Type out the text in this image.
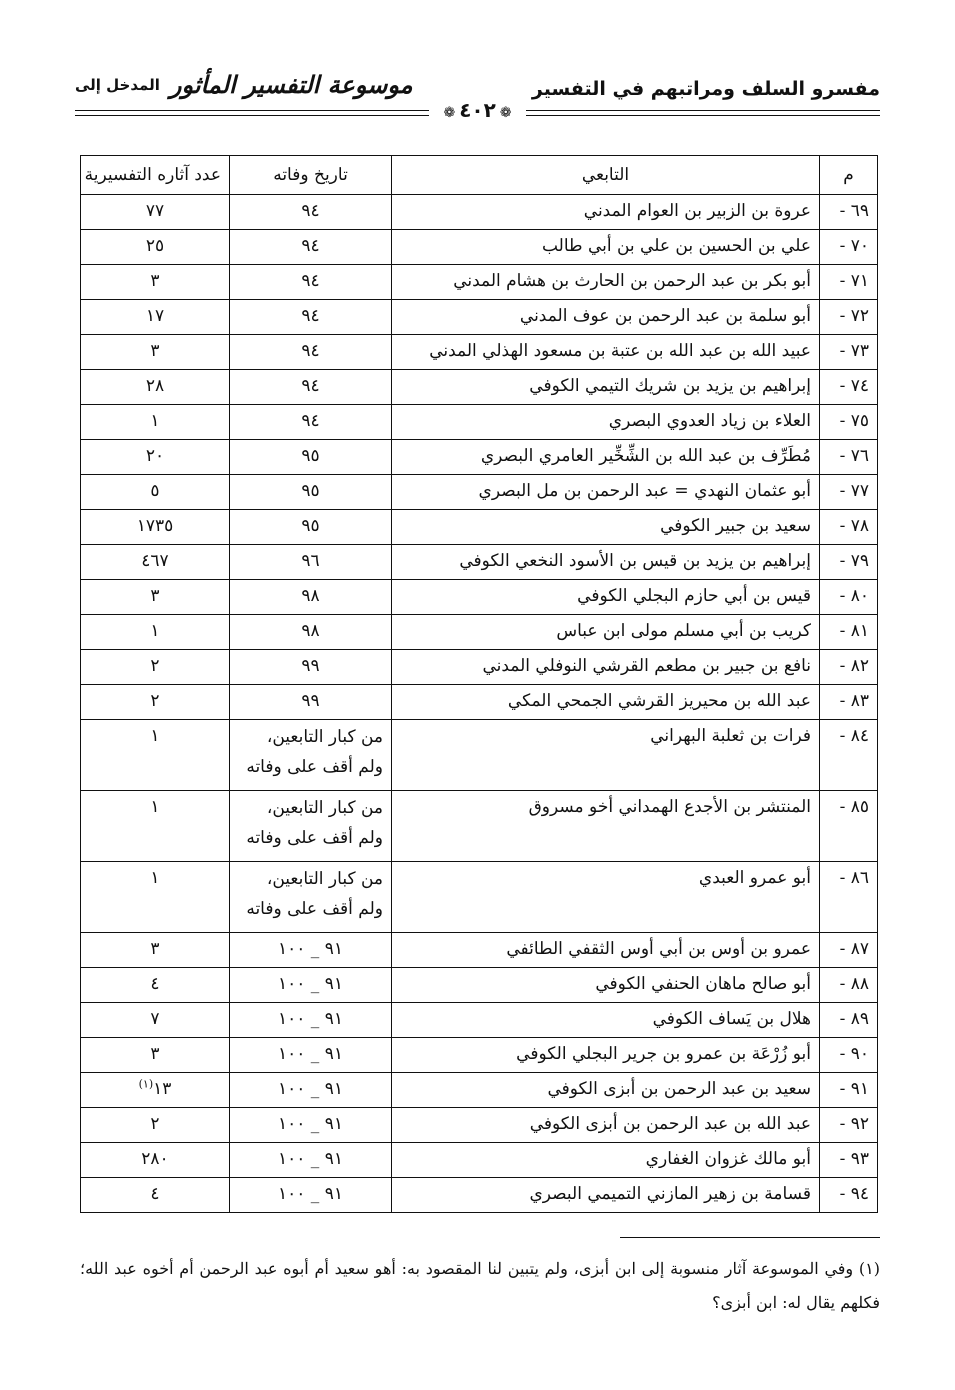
مفسرو السلف ومراتبهم في التفسير
المدخل إلى موسوعة التفسير المأثور
❁٤٠٢❁
م	التابعي	تاريخ وفاته	عدد آثاره التفسيرية
٦٩ -	عروة بن الزبير بن العوام المدني	٩٤	٧٧
٧٠ -	علي بن الحسين بن علي بن أبي طالب	٩٤	٢٥
٧١ -	أبو بكر بن عبد الرحمن بن الحارث بن هشام المدني	٩٤	٣
٧٢ -	أبو سلمة بن عبد الرحمن بن عوف المدني	٩٤	١٧
٧٣ -	عبيد الله بن عبد الله بن عتبة بن مسعود الهذلي المدني	٩٤	٣
٧٤ -	إبراهيم بن يزيد بن شريك التيمي الكوفي	٩٤	٢٨
٧٥ -	العلاء بن زياد العدوي البصري	٩٤	١
٧٦ -	مُطَرِّف بن عبد الله بن الشِّخِّير العامري البصري	٩٥	٢٠
٧٧ -	أبو عثمان النهدي = عبد الرحمن بن مل البصري	٩٥	٥
٧٨ -	سعيد بن جبير الكوفي	٩٥	١٧٣٥
٧٩ -	إبراهيم بن يزيد بن قيس بن الأسود النخعي الكوفي	٩٦	٤٦٧
٨٠ -	قيس بن أبي حازم البجلي الكوفي	٩٨	٣
٨١ -	كريب بن أبي مسلم مولى ابن عباس	٩٨	١
٨٢ -	نافع بن جبير بن مطعم القرشي النوفلي المدني	٩٩	٢
٨٣ -	عبد الله بن محيريز القرشي الجمحي المكي	٩٩	٢
٨٤ -	فرات بن ثعلبة البهراني	من كبار التابعين، ولم أقف على وفاته	١
٨٥ -	المنتشر بن الأجدع الهمداني أخو مسروق	من كبار التابعين، ولم أقف على وفاته	١
٨٦ -	أبو عمرو العبدي	من كبار التابعين، ولم أقف على وفاته	١
٨٧ -	عمرو بن أوس بن أبي أوس الثقفي الطائفي	٩١ _ ١٠٠	٣
٨٨ -	أبو صالح ماهان الحنفي الكوفي	٩١ _ ١٠٠	٤
٨٩ -	هلال بن يَساف الكوفي	٩١ _ ١٠٠	٧
٩٠ -	أبو زُرْعَة بن عمرو بن جرير البجلي الكوفي	٩١ _ ١٠٠	٣
٩١ -	سعيد بن عبد الرحمن بن أبزى الكوفي	٩١ _ ١٠٠	١٣$^{(١)}$
٩٢ -	عبد الله بن عبد الرحمن بن أبزى الكوفي	٩١ _ ١٠٠	٢
٩٣ -	أبو مالك غزوان الغفاري	٩١ _ ١٠٠	٢٨٠
٩٤ -	قسامة بن زهير المازني التميمي البصري	٩١ _ ١٠٠	٤
(١) وفي الموسوعة آثار منسوبة إلى ابن أبزى، ولم يتبين لنا المقصود به: أهو سعيد أم أبوه عبد الرحمن أم أخوه عبد الله؛ فكلهم يقال له: ابن أبزى؟
